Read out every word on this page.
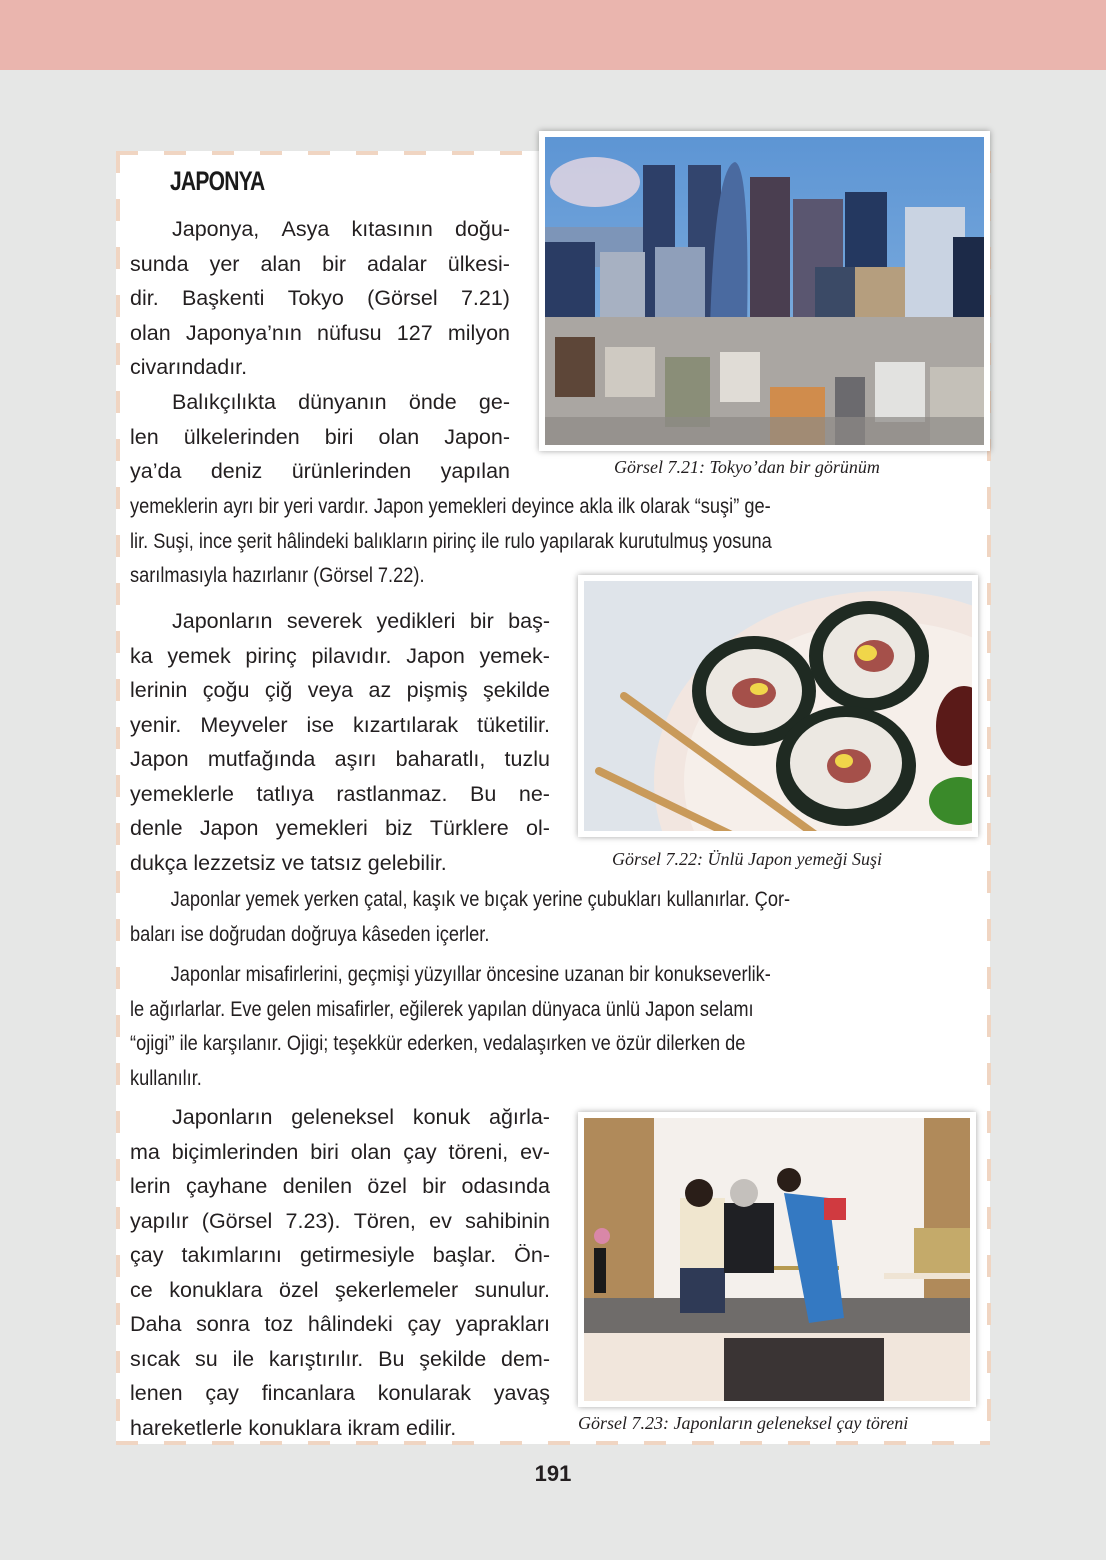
JAPONYA
Japonya, Asya kıtasının doğu-
sunda yer alan bir adalar ülkesi-
dir. Başkenti Tokyo (Görsel 7.21)
olan Japonya’nın nüfusu 127 milyon
civarındadır.
Balıkçılıkta dünyanın önde ge-
len ülkelerinden biri olan Japon-
ya’da deniz ürünlerinden yapılan
yemeklerin ayrı bir yeri vardır. Japon yemekleri deyince akla ilk olarak “suşi” ge-
lir. Suşi, ince şerit hâlindeki balıkların pirinç ile rulo yapılarak kurutulmuş yosuna
sarılmasıyla hazırlanır (Görsel 7.22).
Japonların severek yedikleri bir baş-
ka yemek pirinç pilavıdır. Japon yemek-
lerinin çoğu çiğ veya az pişmiş şekilde
yenir. Meyveler ise kızartılarak tüketilir.
Japon mutfağında aşırı baharatlı, tuzlu
yemeklerle tatlıya rastlanmaz. Bu ne-
denle Japon yemekleri biz Türklere ol-
dukça lezzetsiz ve tatsız gelebilir.
Japonlar yemek yerken çatal, kaşık ve bıçak yerine çubukları kullanırlar. Çor-
baları ise doğrudan doğruya kâseden içerler.
Japonlar misafirlerini, geçmişi yüzyıllar öncesine uzanan bir konukseverlik-
le ağırlarlar. Eve gelen misafirler, eğilerek yapılan dünyaca ünlü Japon selamı
“ojigi” ile karşılanır. Ojigi; teşekkür ederken, vedalaşırken ve özür dilerken de
kullanılır.
Japonların geleneksel konuk ağırla-
ma biçimlerinden biri olan çay töreni, ev-
lerin çayhane denilen özel bir odasında
yapılır (Görsel 7.23). Tören, ev sahibinin
çay takımlarını getirmesiyle başlar. Ön-
ce konuklara özel şekerlemeler sunulur.
Daha sonra toz hâlindeki çay yaprakları
sıcak su ile karıştırılır. Bu şekilde dem-
lenen çay fincanlara konularak yavaş
hareketlerle konuklara ikram edilir.
Görsel 7.21: Tokyo’dan bir görünüm
Görsel 7.22: Ünlü Japon yemeği Suşi
Görsel 7.23: Japonların geleneksel çay töreni
191
